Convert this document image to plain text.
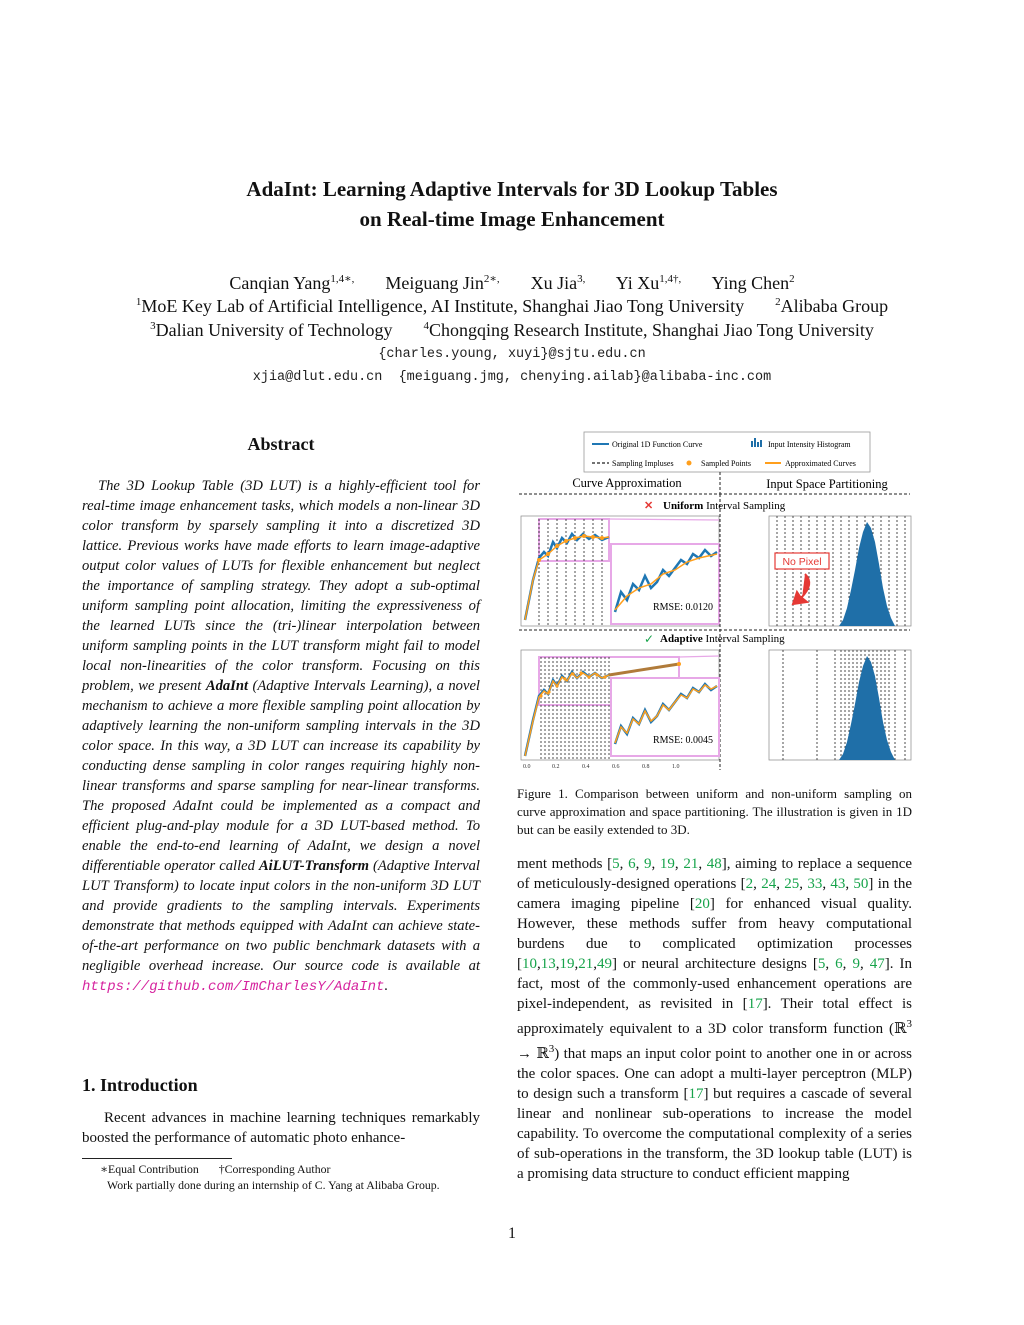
AdaInt: Learning Adaptive Intervals for 3D Lookup Tables
on Real-time Image Enhancement
Canqian Yang$^{1,4∗,}$ Meiguang Jin$^{2∗,}$ Xu Jia$^{3,}$ Yi $Xu^{1,4\dagger,}$ Ying Chen$^2$
$^1$MoE Key Lab of Artificial Intelligence, AI Institute, Shanghai Jiao Tong University	$^2$Alibaba Group
$^3$Dalian University of Technology	$^4$Chongqing Research Institute, Shanghai Jiao Tong University
{charles.young, xuyi}@sjtu.edu.cn
xjia@dlut.edu.cn  {meiguang.jmg, chenying.ailab}@alibaba-inc.com
Abstract
The 3D Lookup Table (3D LUT) is a highly-efficient tool for real-time image enhancement tasks, which models a non-linear 3D color transform by sparsely sampling it into a discretized 3D lattice. Previous works have made efforts to learn image-adaptive output color values of LUTs for flexible enhancement but neglect the importance of sampling strategy. They adopt a sub-optimal uniform sampling point allocation, limiting the expressiveness of the learned LUTs since the (tri-)linear interpolation between uniform sampling points in the LUT transform might fail to model local non-linearities of the color transform. Focusing on this problem, we present AdaInt (Adaptive Intervals Learning), a novel mechanism to achieve a more flexible sampling point allocation by adaptively learning the non-uniform sampling intervals in the 3D color space. In this way, a 3D LUT can increase its capability by conducting dense sampling in color ranges requiring highly non-linear transforms and sparse sampling for near-linear transforms. The proposed AdaInt could be implemented as a compact and efficient plug-and-play module for a 3D LUT-based method. To enable the end-to-end learning of AdaInt, we design a novel differentiable operator called AiLUT-Transform (Adaptive Interval LUT Transform) to locate input colors in the non-uniform 3D LUT and provide gradients to the sampling intervals. Experiments demonstrate that methods equipped with AdaInt can achieve state-of-the-art performance on two public benchmark datasets with a negligible overhead increase. Our source code is available at https://github.com/ImCharlesY/AdaInt.
1. Introduction
Recent advances in machine learning techniques remarkably boosted the performance of automatic photo enhance-
∗Equal Contribution †Corresponding Author
Work partially done during an internship of C. Yang at Alibaba Group.
Original 1D Function Curve	Input Intensity Histogram
Sampling Impluses	Sampled Points	Approximated Curves
Curve Approximation	Input Space Partitioning
✕ Uniform Interval Sampling
RMSE: 0.0120
No Pixel
✓ Adaptive Interval Sampling
RMSE: 0.0045
0.0	0.2	0.4	0.6	0.8	1.0
Figure 1. Comparison between uniform and non-uniform sampling on curve approximation and space partitioning. The illustration is given in 1D but can be easily extended to 3D.
ment methods [5, 6, 9, 19, 21, 48], aiming to replace a sequence of meticulously-designed operations [2, 24, 25, 33, 43, 50] in the camera imaging pipeline [20] for enhanced visual quality. However, these methods suffer from heavy computational burdens due to complicated optimization processes [10,13,19,21,49] or neural architecture designs [5, 6, 9, 47]. In fact, most of the commonly-used enhancement operations are pixel-independent, as revisited in [17]. Their total effect is approximately equivalent to a 3D color transform function (ℝ$^3$ → ℝ$^3$) that maps an input color point to another one in or across the color spaces. One can adopt a multi-layer perceptron (MLP) to design such a transform [17] but requires a cascade of several linear and nonlinear sub-operations to increase the model capability. To overcome the computational complexity of a series of sub-operations in the transform, the 3D lookup table (LUT) is a promising data structure to conduct efficient mapping
1
